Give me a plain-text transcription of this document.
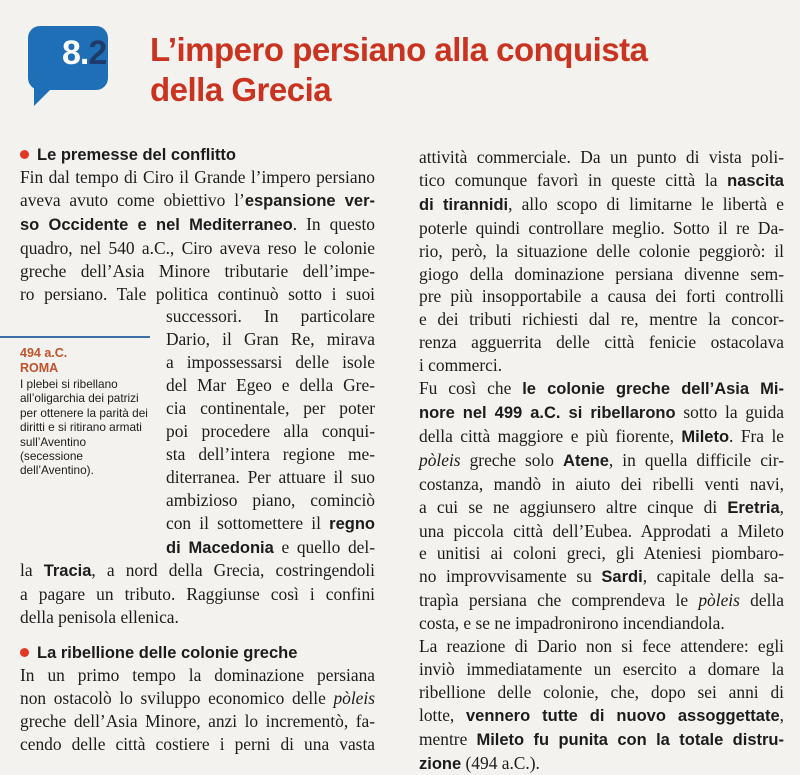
8.2 L’impero persiano alla conquista
della Grecia
494 a.C.
ROMA
I plebei si ribellano all’oligarchia dei patrizi per ottenere la parità dei diritti e si ritirano armati sull’Aventino (secessione dell’Aventino).
Le premesse del conflitto

Fin dal tempo di Ciro il Grande l’impero persiano
aveva avuto come obiettivo l’espansione ver-
so Occidente e nel Mediterraneo. In questo
quadro, nel 540 a.C., Ciro aveva reso le colonie
greche dell’Asia Minore tributarie dell’impe-
ro persiano. Tale politica continuò sotto i suoi
successori. In particolare
Dario, il Gran Re, mirava
a impossessarsi delle isole
del Mar Egeo e della Gre-
cia continentale, per poter
poi procedere alla conqui-
sta dell’intera regione me-
diterranea. Per attuare il suo
ambizioso piano, cominciò
con il sottomettere il regno
di Macedonia e quello del-
la Tracia, a nord della Grecia, costringendoli
a pagare un tributo. Raggiunse così i confini
della penisola ellenica.

La ribellione delle colonie greche

In un primo tempo la dominazione persiana
non ostacolò lo sviluppo economico delle pòleis
greche dell’Asia Minore, anzi lo incrementò, fa-
cendo delle città costiere i perni di una vasta

attività commerciale. Da un punto di vista poli-
tico comunque favorì in queste città la nascita
di tirannidi, allo scopo di limitarne le libertà e
poterle quindi controllare meglio. Sotto il re Da-
rio, però, la situazione delle colonie peggiorò: il
giogo della dominazione persiana divenne sem-
pre più insopportabile a causa dei forti controlli
e dei tributi richiesti dal re, mentre la concor-
renza agguerrita delle città fenicie ostacolava
i commerci.

Fu così che le colonie greche dell’Asia Mi-
nore nel 499 a.C. si ribellarono sotto la guida
della città maggiore e più fiorente, Mileto. Fra le
pòleis greche solo Atene, in quella difficile cir-
costanza, mandò in aiuto dei ribelli venti navi,
a cui se ne aggiunsero altre cinque di Eretria,
una piccola città dell’Eubea. Approdati a Mileto
e unitisi ai coloni greci, gli Ateniesi piombaro-
no improvvisamente su Sardi, capitale della sa-
trapìa persiana che comprendeva le pòleis della
costa, e se ne impadronirono incendiandola.

La reazione di Dario non si fece attendere: egli
inviò immediatamente un esercito a domare la
ribellione delle colonie, che, dopo sei anni di
lotte, vennero tutte di nuovo assoggettate,
mentre Mileto fu punita con la totale distru-
zione (494 a.C.).
